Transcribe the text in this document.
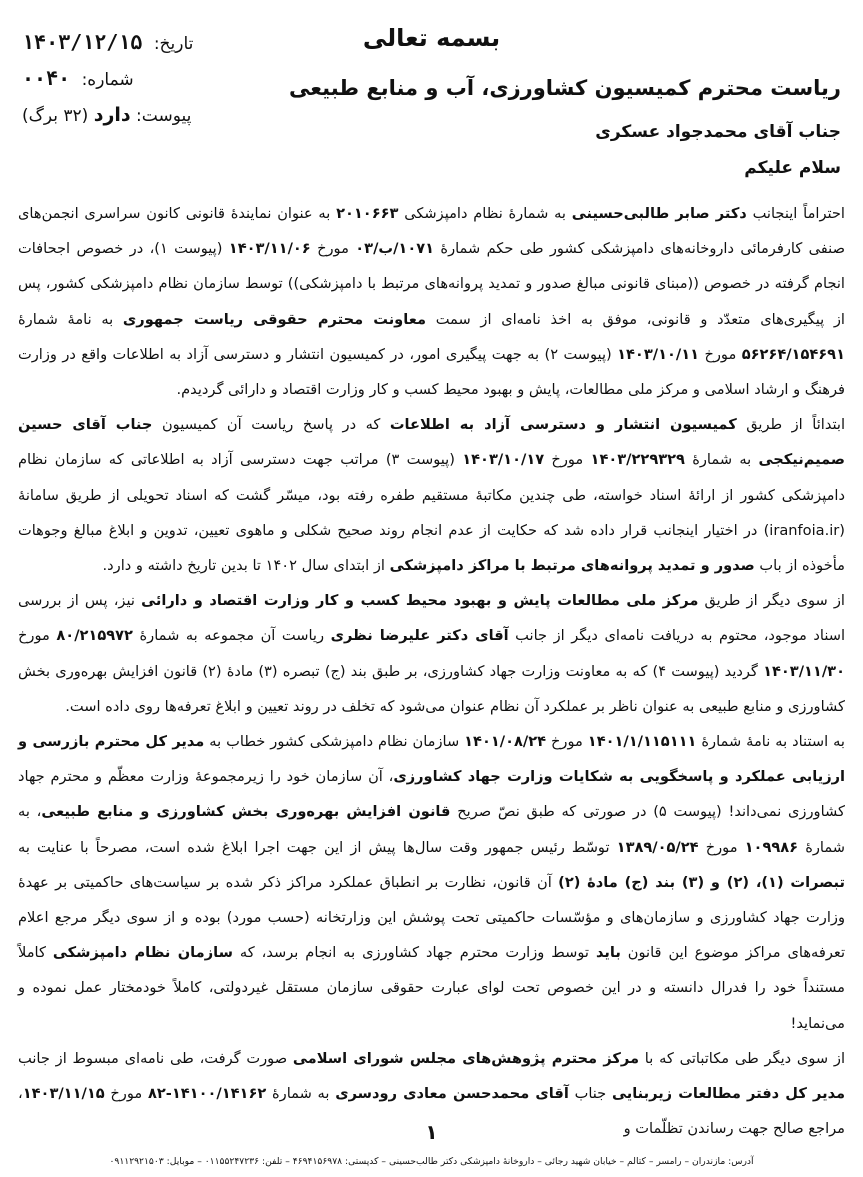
بسمه تعالی
تاریخ: ۱۴۰۳/۱۲/۱۵
شماره: ۰۰۴۰
پیوست: دارد (۳۲ برگ)
ریاست محترم کمیسیون کشاورزی، آب و منابع طبیعی
جناب آقای محمدجواد عسکری
سلام علیکم

احتراماً اینجانب دکتر صابر طالبی‌حسینی به شمارهٔ نظام دامپزشکی ۲۰۱۰۶۶۳ به عنوان نمایندهٔ قانونی کانون سراسری انجمن‌های صنفی کارفرمائی داروخانه‌های دامپزشکی کشور طی حکم شمارهٔ ۱۰۷۱/ب/۰۳ مورخ ۱۴۰۳/۱۱/۰۶ (پیوست ۱)، در خصوص اجحافات انجام گرفته در خصوص ((مبنای قانونی مبالغ صدور و تمدید پروانه‌های مرتبط با دامپزشکی)) توسط سازمان نظام دامپزشکی کشور، پس از پیگیری‌های متعدّد و قانونی، موفق به اخذ نامه‌ای از سمت معاونت محترم حقوقی ریاست جمهوری به نامهٔ شمارهٔ ۵۶۲۶۴/۱۵۴۶۹۱ مورخ ۱۴۰۳/۱۰/۱۱ (پیوست ۲) به جهت پیگیری امور، در کمیسیون انتشار و دسترسی آزاد به اطلاعات واقع در وزارت فرهنگ و ارشاد اسلامی و مرکز ملی مطالعات، پایش و بهبود محیط کسب و کار وزارت اقتصاد و دارائی گردیدم.

ابتدائاً از طریق کمیسیون انتشار و دسترسی آزاد به اطلاعات که در پاسخ ریاست آن کمیسیون جناب آقای حسین صمیم‌نیکجی به شمارهٔ ۱۴۰۳/۲۲۹۳۲۹ مورخ ۱۴۰۳/۱۰/۱۷ (پیوست ۳) مراتب جهت دسترسی آزاد به اطلاعاتی که سازمان نظام دامپزشکی کشور از ارائهٔ اسناد خواسته، طی چندین مکاتبهٔ مستقیم طفره رفته بود، میسّر گشت که اسناد تحویلی از طریق سامانهٔ (iranfoia.ir) در اختیار اینجانب قرار داده شد که حکایت از عدم انجام روند صحیح شکلی و ماهوی تعیین، تدوین و ابلاغ مبالغ وجوهات مأخوذه از باب صدور و تمدید پروانه‌های مرتبط با مراکز دامپزشکی از ابتدای سال ۱۴۰۲ تا بدین تاریخ داشته و دارد.

از سوی دیگر از طریق مرکز ملی مطالعات پایش و بهبود محیط کسب و کار وزارت اقتصاد و دارائی نیز، پس از بررسی اسناد موجود، محتوم به دریافت نامه‌ای دیگر از جانب آقای دکتر علیرضا نظری ریاست آن مجموعه به شمارهٔ ۸۰/۲۱۵۹۷۲ مورخ ۱۴۰۳/۱۱/۳۰ گردید (پیوست ۴) که به معاونت وزارت جهاد کشاورزی، بر طبق بند (ج) تبصره (۳) مادهٔ (۲) قانون افزایش بهره‌وری بخش کشاورزی و منابع طبیعی به عنوان ناظر بر عملکرد آن نظام عنوان می‌شود که تخلف در روند تعیین و ابلاغ تعرفه‌ها روی داده است.

به استناد به نامهٔ شمارهٔ ۱۴۰۱/۱/۱۱۵۱۱۱ مورخ ۱۴۰۱/۰۸/۲۴ سازمان نظام دامپزشکی کشور خطاب به مدیر کل محترم بازرسی و ارزیابی عملکرد و پاسخگویی به شکایات وزارت جهاد کشاورزی، آن سازمان خود را زیرمجموعهٔ وزارت معظّم و محترم جهاد کشاورزی نمی‌داند! (پیوست ۵) در صورتی که طبق نصّ صریح قانون افزایش بهره‌وری بخش کشاورزی و منابع طبیعی، به شمارهٔ ۱۰۹۹۸۶ مورخ ۱۳۸۹/۰۵/۲۴ توسّط رئیس جمهور وقت سال‌ها پیش از این جهت اجرا ابلاغ شده است، مصرحاً با عنایت به تبصرات (۱)، (۲) و (۳) بند (ج) مادهٔ (۲) آن قانون، نظارت بر انطباق عملکرد مراکز ذکر شده بر سیاست‌های حاکمیتی بر عهدهٔ وزارت جهاد کشاورزی و سازمان‌های و مؤسّسات حاکمیتی تحت پوشش این وزارتخانه (حسب مورد) بوده و از سوی دیگر مرجع اعلام تعرفه‌های مراکز موضوع این قانون باید توسط وزارت محترم جهاد کشاورزی به انجام برسد، که سازمان نظام دامپزشکی کاملاً مستنداً خود را فدرال دانسته و در این خصوص تحت لوای عبارت حقوقی سازمان مستقل غیردولتی، کاملاً خودمختار عمل نموده و می‌نماید!

از سوی دیگر طی مکاتباتی که با مرکز محترم پژوهش‌های مجلس شورای اسلامی صورت گرفت، طی نامه‌ای مبسوط از جانب مدیر کل دفتر مطالعات زیربنایی جناب آقای محمدحسن معادی رودسری به شمارهٔ ۱۴۱۰۰/۱۴۱۶۲-۸۲ مورخ ۱۴۰۳/۱۱/۱۵، مراجع صالح جهت رساندن تظلّمات و

۱
آدرس: مازندران – رامسر – کتالم – خیابان شهید رجائی – داروخانهٔ دامپزشکی دکتر طالب‌حسینی – کدپستی: ۴۶۹۴۱۵۶۹۷۸ – تلفن: ۰۱۱۵۵۲۴۷۲۳۶ – موبایل: ۰۹۱۱۲۹۲۱۵۰۳
